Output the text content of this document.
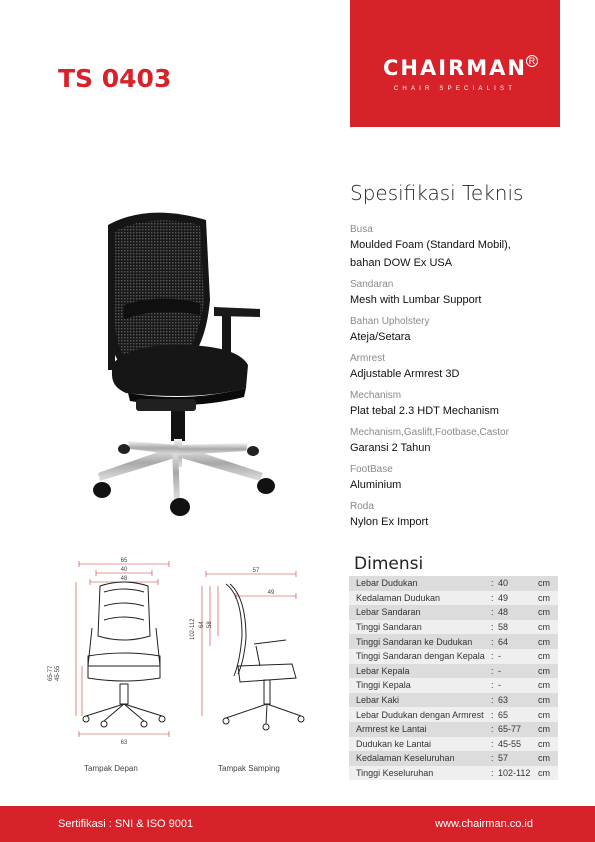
CHAIRMAN R
CHAIR SPECIALIST
TS 0403
Spesifikasi Teknis
Busa
Moulded Foam (Standard Mobil), bahan DOW Ex USA
Sandaran
Mesh with Lumbar Support
Bahan Upholstery
Ateja/Setara
Armrest
Adjustable Armrest 3D
Mechanism
Plat tebal 2.3 HDT Mechanism
Mechanism,Gaslift,Footbase,Castor
Garansi 2 Tahun
FootBase
Aluminium
Roda
Nylon Ex Import
65
40
48
63
65-77 45-55
Tampak Depan
57
49
102-112 64 58
Tampak Samping
Dimensi
Lebar Dudukan	:	40	cm
Kedalaman Dudukan	:	49	cm
Lebar Sandaran	:	48	cm
Tinggi Sandaran	:	58	cm
Tinggi Sandaran ke Dudukan	:	64	cm
Tinggi Sandaran dengan Kepala	:	-	cm
Lebar Kepala	:	-	cm
Tinggi Kepala	:	-	cm
Lebar Kaki	:	63	cm
Lebar Dudukan dengan Armrest	:	65	cm
Armrest ke Lantai	:	65-77	cm
Dudukan ke Lantai	:	45-55	cm
Kedalaman Keseluruhan	:	57	cm
Tinggi Keseluruhan	:	102-112	cm
Sertifikasi : SNI & ISO 9001	www.chairman.co.id
